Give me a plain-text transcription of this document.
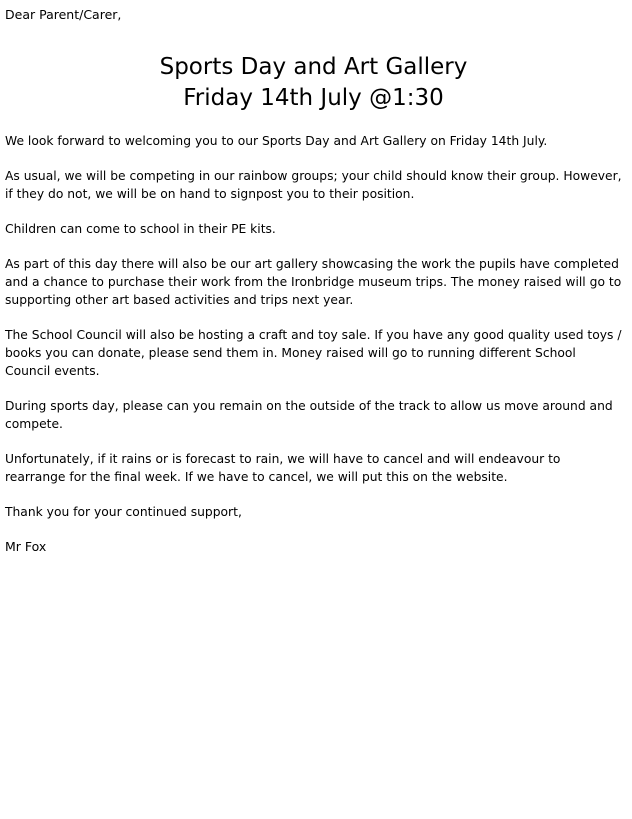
Dear Parent/Carer,

Sports Day and Art Gallery
Friday 14th July @1:30

We look forward to welcoming you to our Sports Day and Art Gallery on Friday 14th July.

As usual, we will be competing in our rainbow groups; your child should know their group. However, if they do not, we will be on hand to signpost you to their position.

Children can come to school in their PE kits.

As part of this day there will also be our art gallery showcasing the work the pupils have completed and a chance to purchase their work from the Ironbridge museum trips. The money raised will go to supporting other art based activities and trips next year.

The School Council will also be hosting a craft and toy sale. If you have any good quality used toys / books you can donate, please send them in. Money raised will go to running different School Council events.

During sports day, please can you remain on the outside of the track to allow us move around and compete.

Unfortunately, if it rains or is forecast to rain, we will have to cancel and will endeavour to rearrange for the final week. If we have to cancel, we will put this on the website.

Thank you for your continued support,

Mr Fox
